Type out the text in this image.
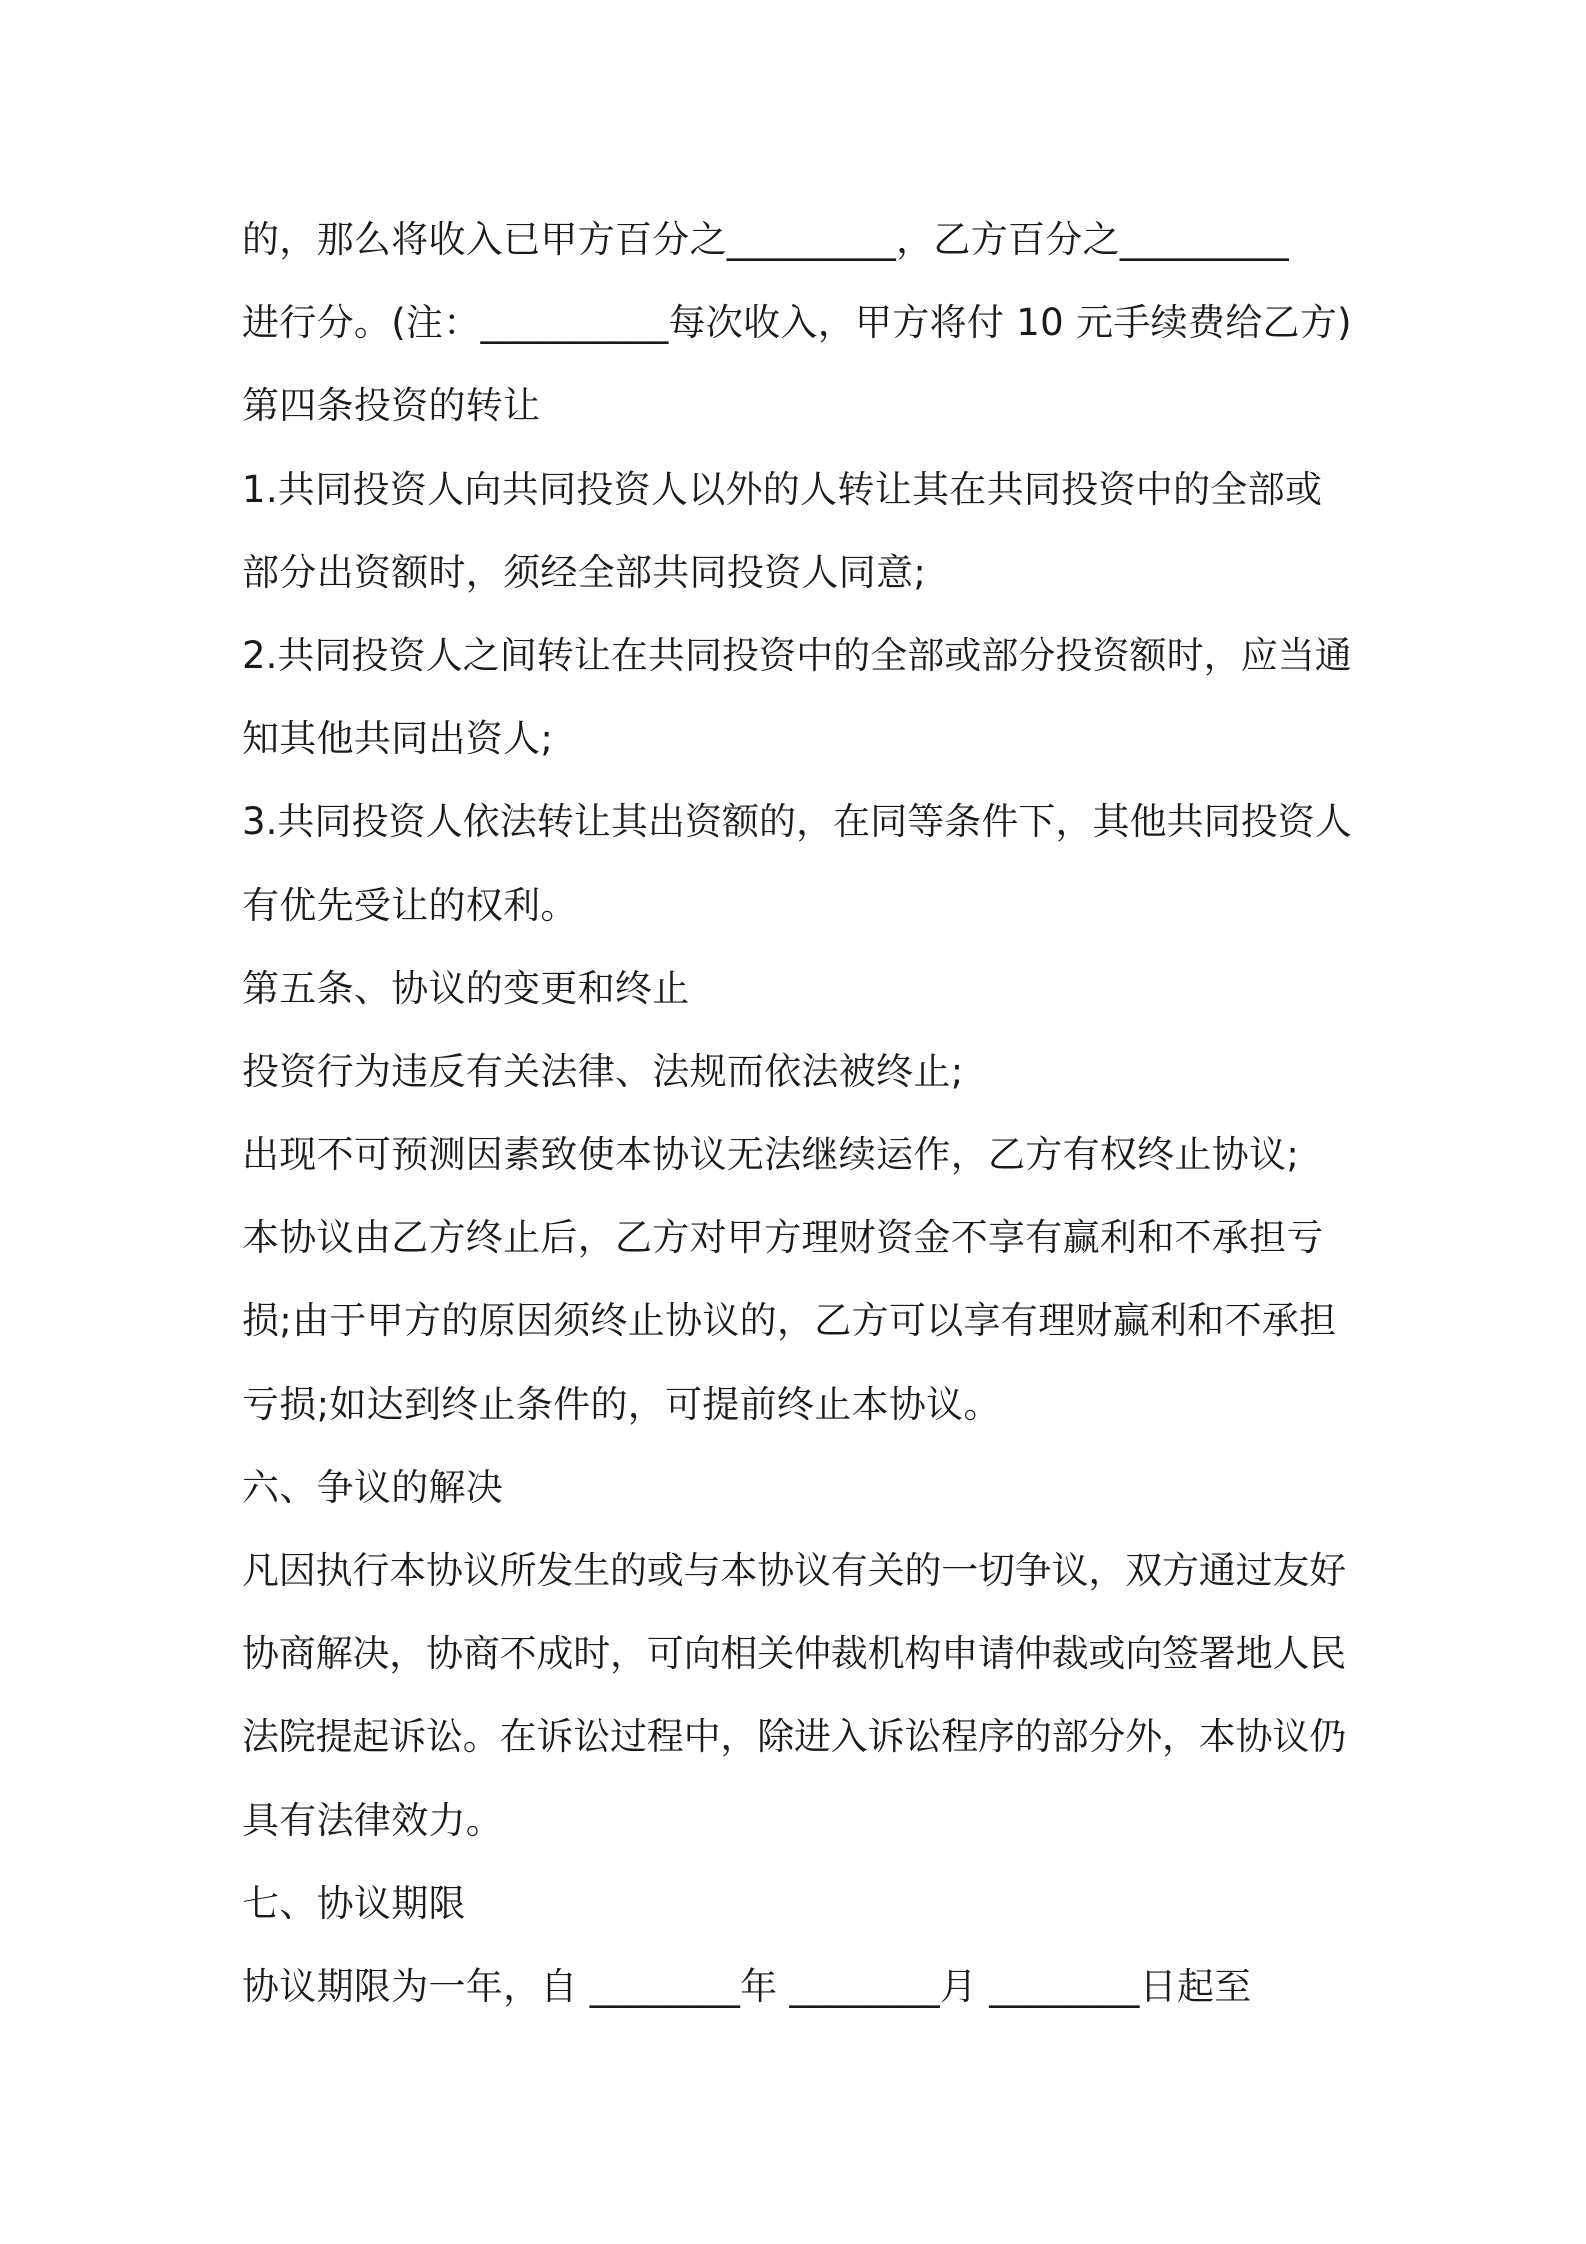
的，那么将收入已甲方百分之_________，乙方百分之_________
进行分。(注：__________每次收入，甲方将付 10 元手续费给乙方)
第四条投资的转让
1.共同投资人向共同投资人以外的人转让其在共同投资中的全部或
部分出资额时，须经全部共同投资人同意;
2.共同投资人之间转让在共同投资中的全部或部分投资额时，应当通
知其他共同出资人;
3.共同投资人依法转让其出资额的，在同等条件下，其他共同投资人
有优先受让的权利。
第五条、协议的变更和终止
投资行为违反有关法律、法规而依法被终止;
出现不可预测因素致使本协议无法继续运作，乙方有权终止协议;
本协议由乙方终止后，乙方对甲方理财资金不享有赢利和不承担亏
损;由于甲方的原因须终止协议的，乙方可以享有理财赢利和不承担
亏损;如达到终止条件的，可提前终止本协议。
六、争议的解决
凡因执行本协议所发生的或与本协议有关的一切争议，双方通过友好
协商解决，协商不成时，可向相关仲裁机构申请仲裁或向签署地人民
法院提起诉讼。在诉讼过程中，除进入诉讼程序的部分外，本协议仍
具有法律效力。
七、协议期限
协议期限为一年，自 ________年 ________月 ________日起至
